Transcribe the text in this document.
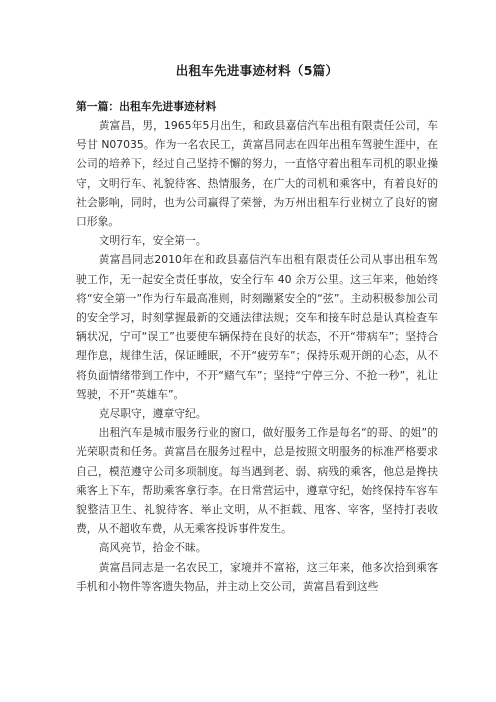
出租车先进事迹材料（5篇）
第一篇：出租车先进事迹材料

黄富昌，男，1965年5月出生，和政县嘉信汽车出租有限责任公司，车号甘 N07035。作为一名农民工，黄富昌同志在四年出租车驾驶生涯中，在公司的培养下，经过自己坚持不懈的努力，一直恪守着出租车司机的职业操守，文明行车、礼貌待客、热情服务，在广大的司机和乘客中，有着良好的社会影响，同时，也为公司赢得了荣誉，为万州出租车行业树立了良好的窗口形象。

文明行车，安全第一。

黄富昌同志2010年在和政县嘉信汽车出租有限责任公司从事出租车驾驶工作，无一起安全责任事故，安全行车 40 余万公里。这三年来，他始终将“安全第一”作为行车最高准则，时刻蹦紧安全的“弦”。主动积极参加公司的安全学习，时刻掌握最新的交通法律法规；交车和接车时总是认真检查车辆状况，宁可“误工”也要使车辆保持在良好的状态，不开“带病车”；坚持合理作息，规律生活，保证睡眠，不开“疲劳车”；保持乐观开朗的心态，从不将负面情绪带到工作中，不开“赌气车”；坚持“宁停三分、不抢一秒”，礼让驾驶，不开“英雄车”。

克尽职守，遵章守纪。

出租汽车是城市服务行业的窗口，做好服务工作是每名“的哥、的姐”的光荣职责和任务。黄富昌在服务过程中，总是按照文明服务的标准严格要求自己，模范遵守公司多项制度。每当遇到老、弱、病残的乘客，他总是搀扶乘客上下车，帮助乘客拿行李。在日常营运中，遵章守纪，始终保持车容车貌整洁卫生、礼貌待客、举止文明，从不拒载、甩客、宰客，坚持打表收费，从不超收车费，从无乘客投诉事件发生。

高风亮节，拾金不昧。

黄富昌同志是一名农民工，家境并不富裕，这三年来，他多次拾到乘客手机和小物件等客遗失物品，并主动上交公司，黄富昌看到这些
